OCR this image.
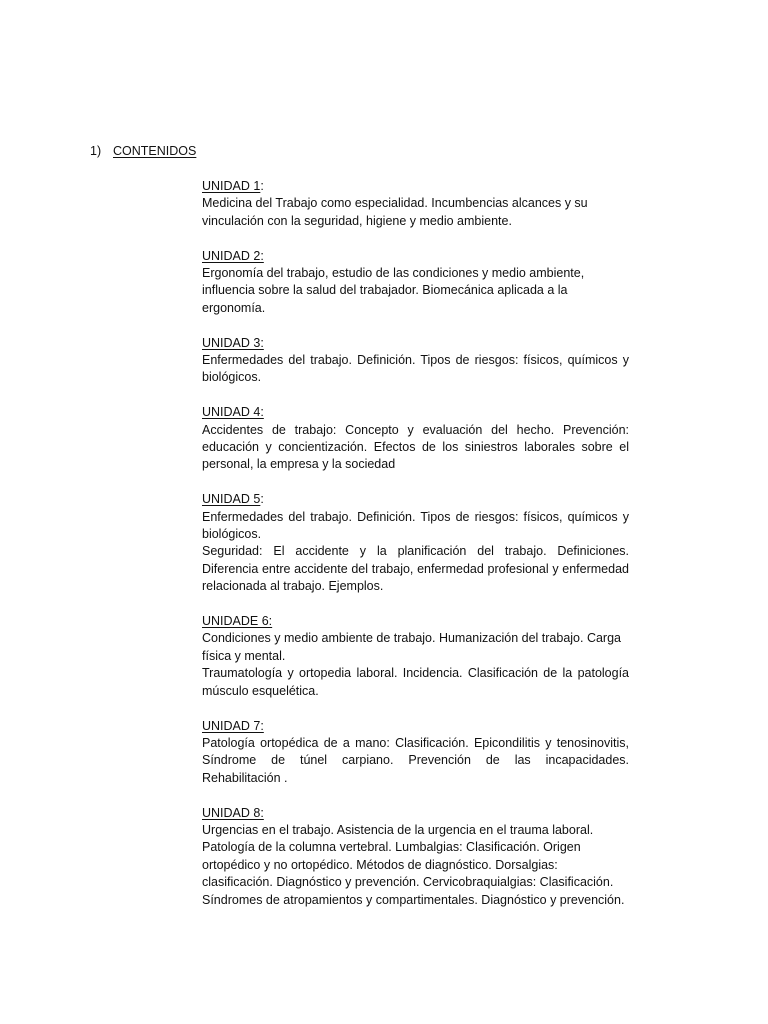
1) CONTENIDOS
UNIDAD 1:

Medicina del Trabajo como especialidad. Incumbencias alcances y su vinculación con la seguridad, higiene y medio ambiente.

UNIDAD 2:

Ergonomía del trabajo, estudio de las condiciones y medio ambiente, influencia sobre la salud del trabajador. Biomecánica aplicada a la ergonomía.

UNIDAD 3:

Enfermedades del trabajo. Definición. Tipos de riesgos: físicos, químicos y biológicos.

UNIDAD 4:

Accidentes de trabajo: Concepto y evaluación del hecho. Prevención: educación y concientización. Efectos de los siniestros laborales sobre el personal, la empresa y la sociedad

UNIDAD 5:

Enfermedades del trabajo. Definición. Tipos de riesgos: físicos, químicos y biológicos.

Seguridad: El accidente y la planificación del trabajo. Definiciones. Diferencia entre accidente del trabajo, enfermedad profesional y enfermedad relacionada al trabajo. Ejemplos.

UNIDADE 6:

Condiciones y medio ambiente de trabajo. Humanización del trabajo. Carga física y mental.

Traumatología y ortopedia laboral. Incidencia. Clasificación de la patología músculo esquelética.

UNIDAD 7:

Patología ortopédica de a mano: Clasificación. Epicondilitis y tenosinovitis, Síndrome de túnel carpiano. Prevención de las incapacidades. Rehabilitación .

UNIDAD 8:

Urgencias en el trabajo. Asistencia de la urgencia en el trauma laboral. Patología de la columna vertebral. Lumbalgias: Clasificación. Origen ortopédico y no ortopédico. Métodos de diagnóstico. Dorsalgias: clasificación. Diagnóstico y prevención. Cervicobraquialgias: Clasificación. Síndromes de atropamientos y compartimentales. Diagnóstico y prevención.
